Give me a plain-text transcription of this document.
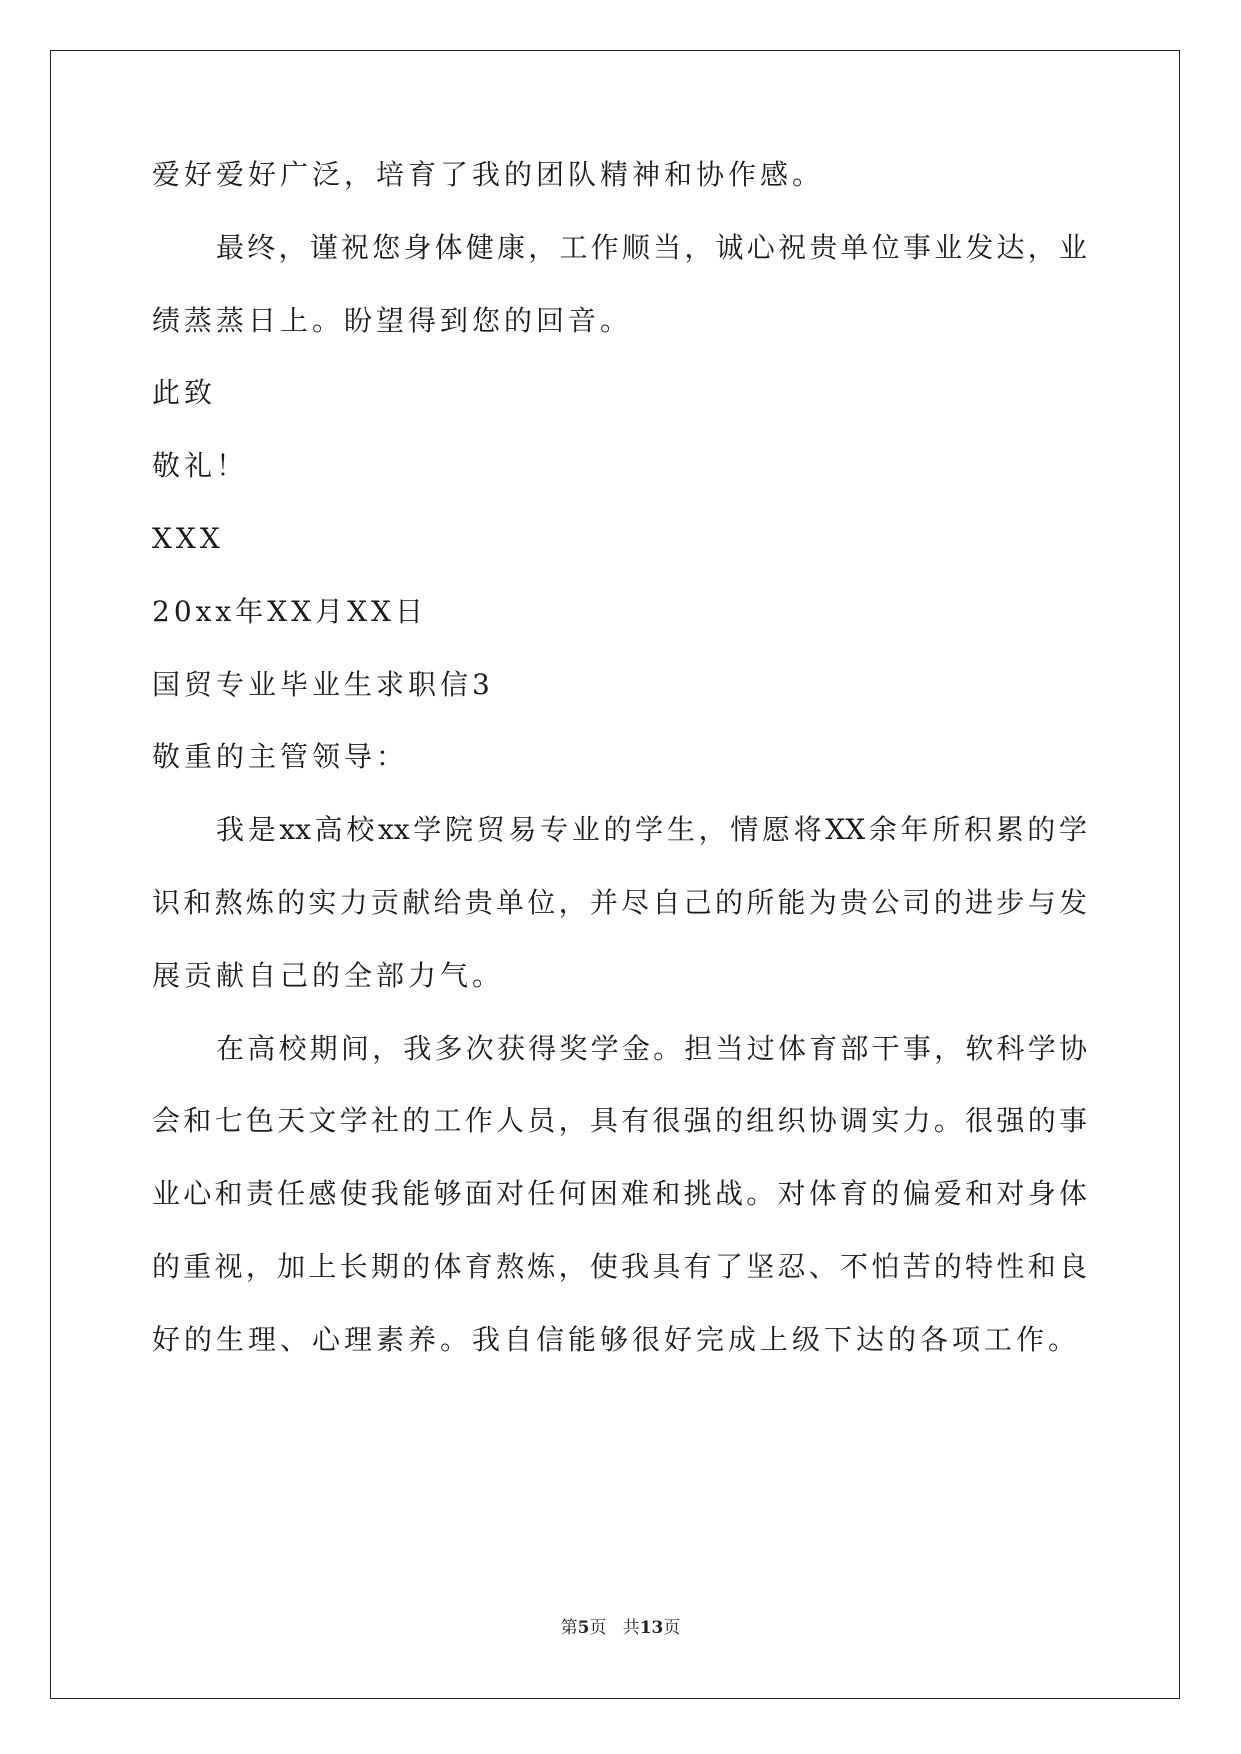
爱好爱好广泛，培育了我的团队精神和协作感。
最终，谨祝您身体健康，工作顺当，诚心祝贵单位事业发达，业
绩蒸蒸日上。盼望得到您的回音。
此致
敬礼！
XXX
20xx年XX月XX日
国贸专业毕业生求职信3
敬重的主管领导：
我是xx高校xx学院贸易专业的学生，情愿将XX余年所积累的学
识和熬炼的实力贡献给贵单位，并尽自己的所能为贵公司的进步与发
展贡献自己的全部力气。
在高校期间，我多次获得奖学金。担当过体育部干事，软科学协
会和七色天文学社的工作人员，具有很强的组织协调实力。很强的事
业心和责任感使我能够面对任何困难和挑战。对体育的偏爱和对身体
的重视，加上长期的体育熬炼，使我具有了坚忍、不怕苦的特性和良
好的生理、心理素养。我自信能够很好完成上级下达的各项工作。
第5页   共13页
